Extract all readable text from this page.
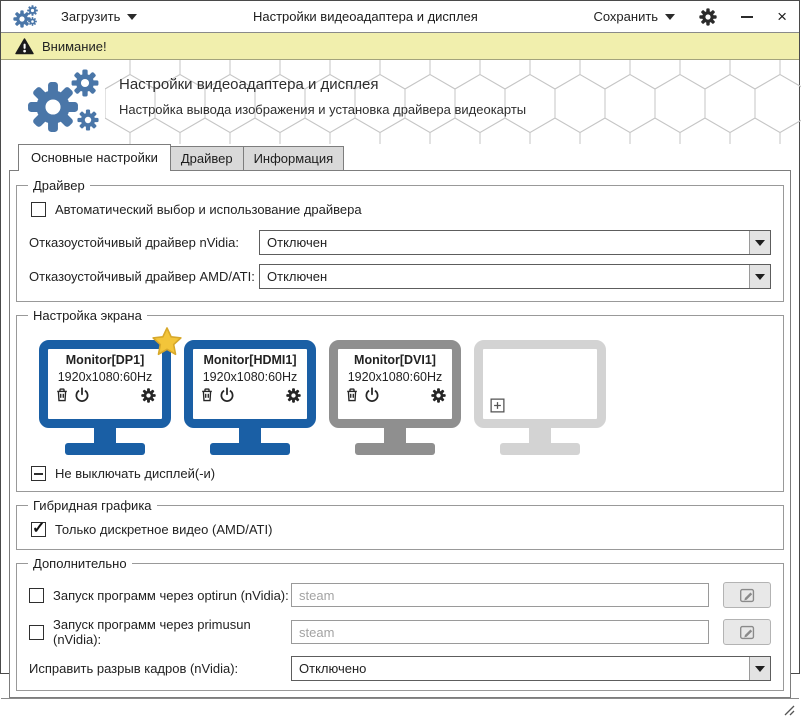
Загрузить	Настройки видеоадаптера и дисплея	Сохранить	×
Внимание!
Настройки видеоадаптера и дисплея
Настройка вывода изображения и установка драйвера видеокарты
Основные настройки	Драйвер	Информация
Драйвер
Автоматический выбор и использование драйвера
Отказоустойчивый драйвер nVidia:	Отключен
Отказоустойчивый драйвер AMD/ATI: Отключен
Настройка экрана
Monitor[DP1]
1920x1080:60Hz
Monitor[HDMI1]
1920x1080:60Hz
Monitor[DVI1]
1920x1080:60Hz
Не выключать дисплей(-и)
Гибридная графика
✓
Только дискретное видео (AMD/ATI)
Дополнительно
Запуск программ через optirun (nVidia):
steam
Запуск программ через primusun (nVidia):
steam
Исправить разрыв кадров (nVidia):	Отключено
